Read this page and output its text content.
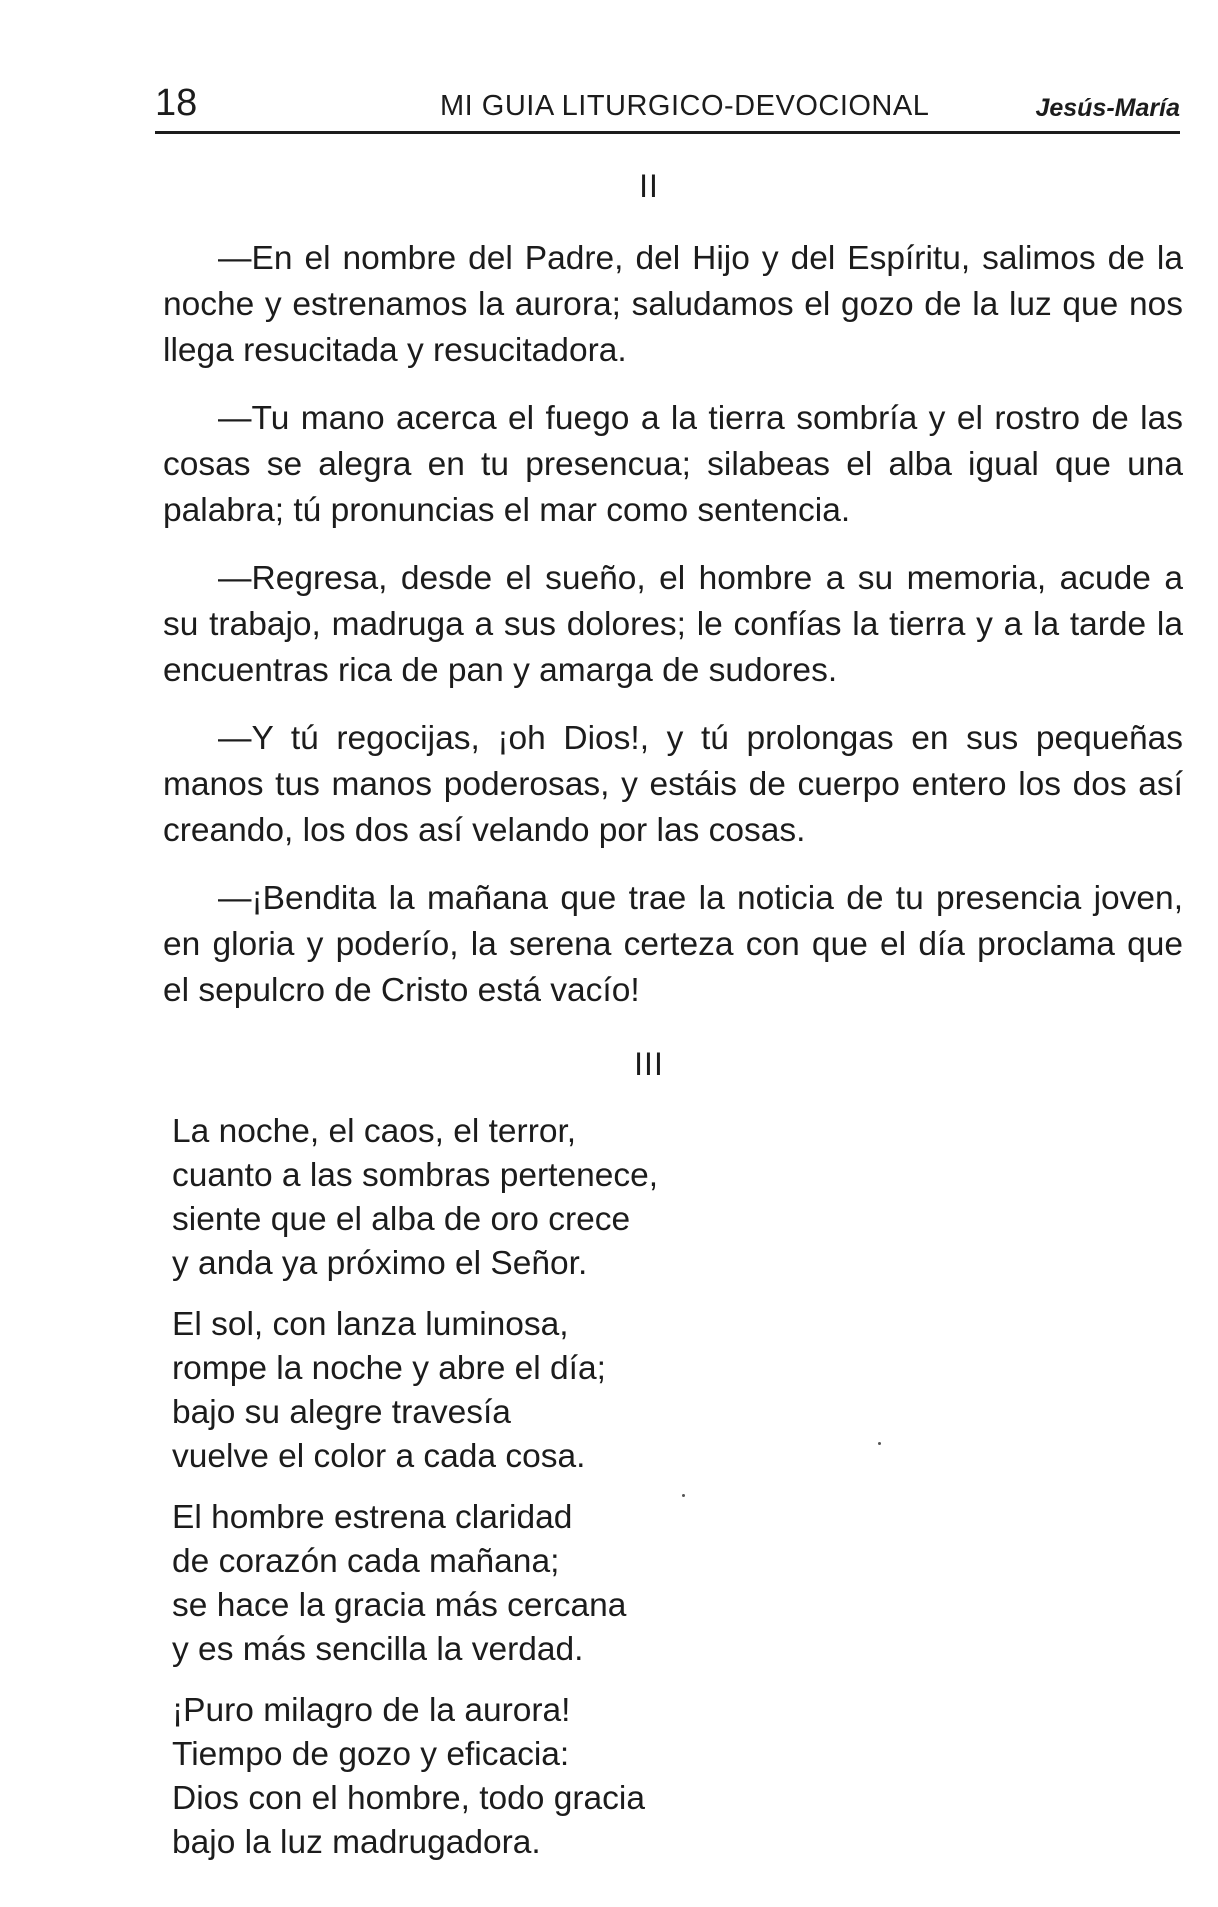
18	MI GUIA LITURGICO-DEVOCIONAL	Jesús-María
II

—En el nombre del Padre, del Hijo y del Espíritu, salimos de la noche y estrenamos la aurora; saludamos el gozo de la luz que nos llega resucitada y resucitadora.

—Tu mano acerca el fuego a la tierra sombría y el rostro de las cosas se alegra en tu presencua; silabeas el alba igual que una palabra; tú pronuncias el mar como sentencia.

—Regresa, desde el sueño, el hombre a su memoria, acude a su trabajo, madruga a sus dolores; le confías la tierra y a la tarde la encuentras rica de pan y amarga de sudores.

—Y tú regocijas, ¡oh Dios!, y tú prolongas en sus pequeñas manos tus manos poderosas, y estáis de cuerpo entero los dos así creando, los dos así velando por las cosas.

—¡Bendita la mañana que trae la noticia de tu presencia joven, en gloria y poderío, la serena certeza con que el día proclama que el sepulcro de Cristo está vacío!

III
La noche, el caos, el terror,
cuanto a las sombras pertenece,
siente que el alba de oro crece
y anda ya próximo el Señor.
El sol, con lanza luminosa,
rompe la noche y abre el día;
bajo su alegre travesía
vuelve el color a cada cosa.
El hombre estrena claridad
de corazón cada mañana;
se hace la gracia más cercana
y es más sencilla la verdad.
¡Puro milagro de la aurora!
Tiempo de gozo y eficacia:
Dios con el hombre, todo gracia
bajo la luz madrugadora.
